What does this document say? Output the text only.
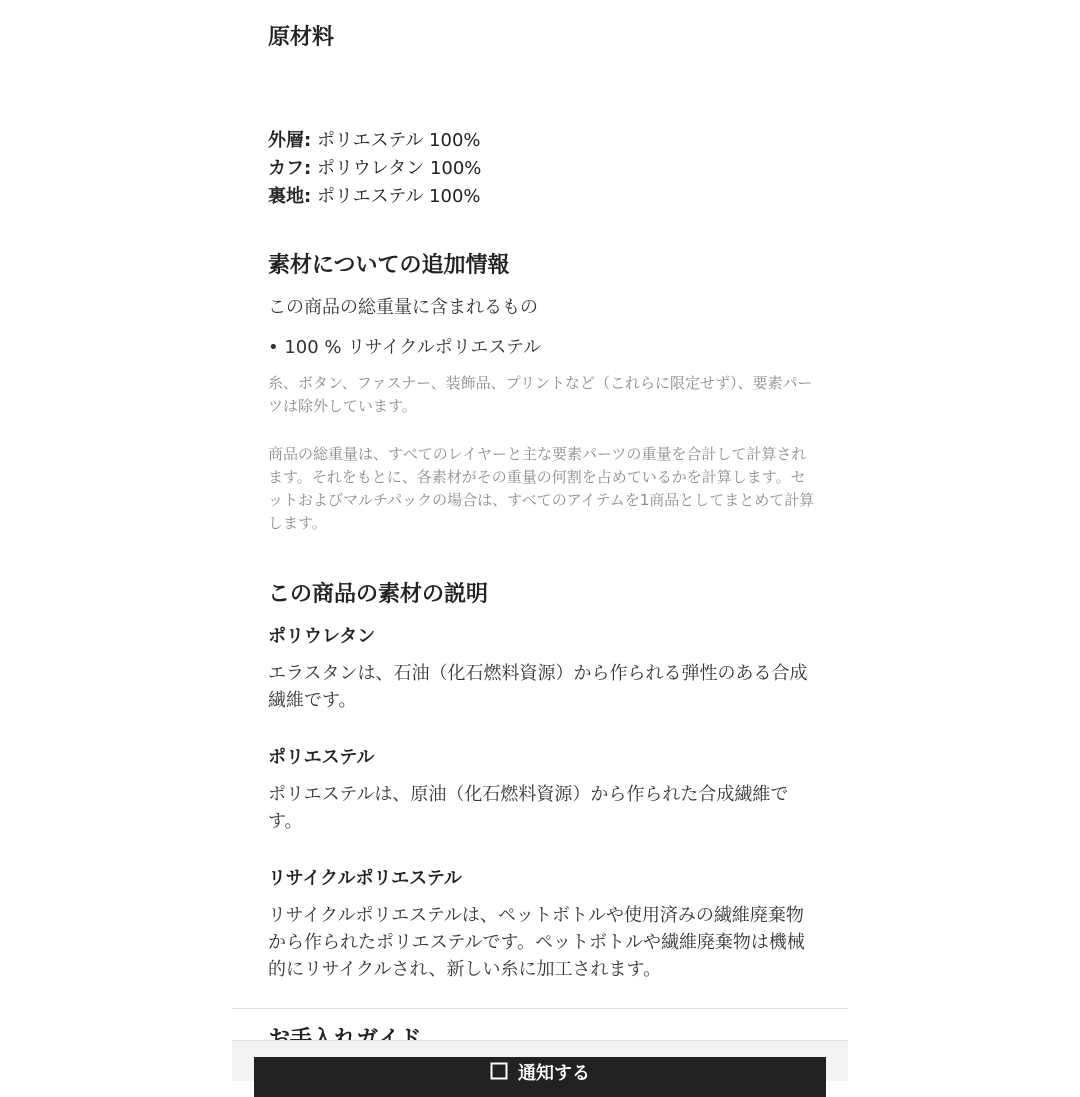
原材料
外層: ポリエステル 100%
カフ: ポリウレタン 100%
裏地: ポリエステル 100%
素材についての追加情報

この商品の総重量に含まれるもの

• 100 % リサイクルポリエステル

糸、ボタン、ファスナー、装飾品、プリントなど（これらに限定せず）、要素パーツは除外しています。

商品の総重量は、すべてのレイヤーと主な要素パーツの重量を合計して計算されます。それをもとに、各素材がその重量の何割を占めているかを計算します。セットおよびマルチパックの場合は、すべてのアイテムを1商品としてまとめて計算します。

この商品の素材の説明
ポリウレタン

エラスタンは、石油（化石燃料資源）から作られる弾性のある合成繊維です。

ポリエステル

ポリエステルは、原油（化石燃料資源）から作られた合成繊維です。

リサイクルポリエステル

リサイクルポリエステルは、ペットボトルや使用済みの繊維廃棄物から作られたポリエステルです。ペットボトルや繊維廃棄物は機械的にリサイクルされ、新しい糸に加工されます。

通知する
